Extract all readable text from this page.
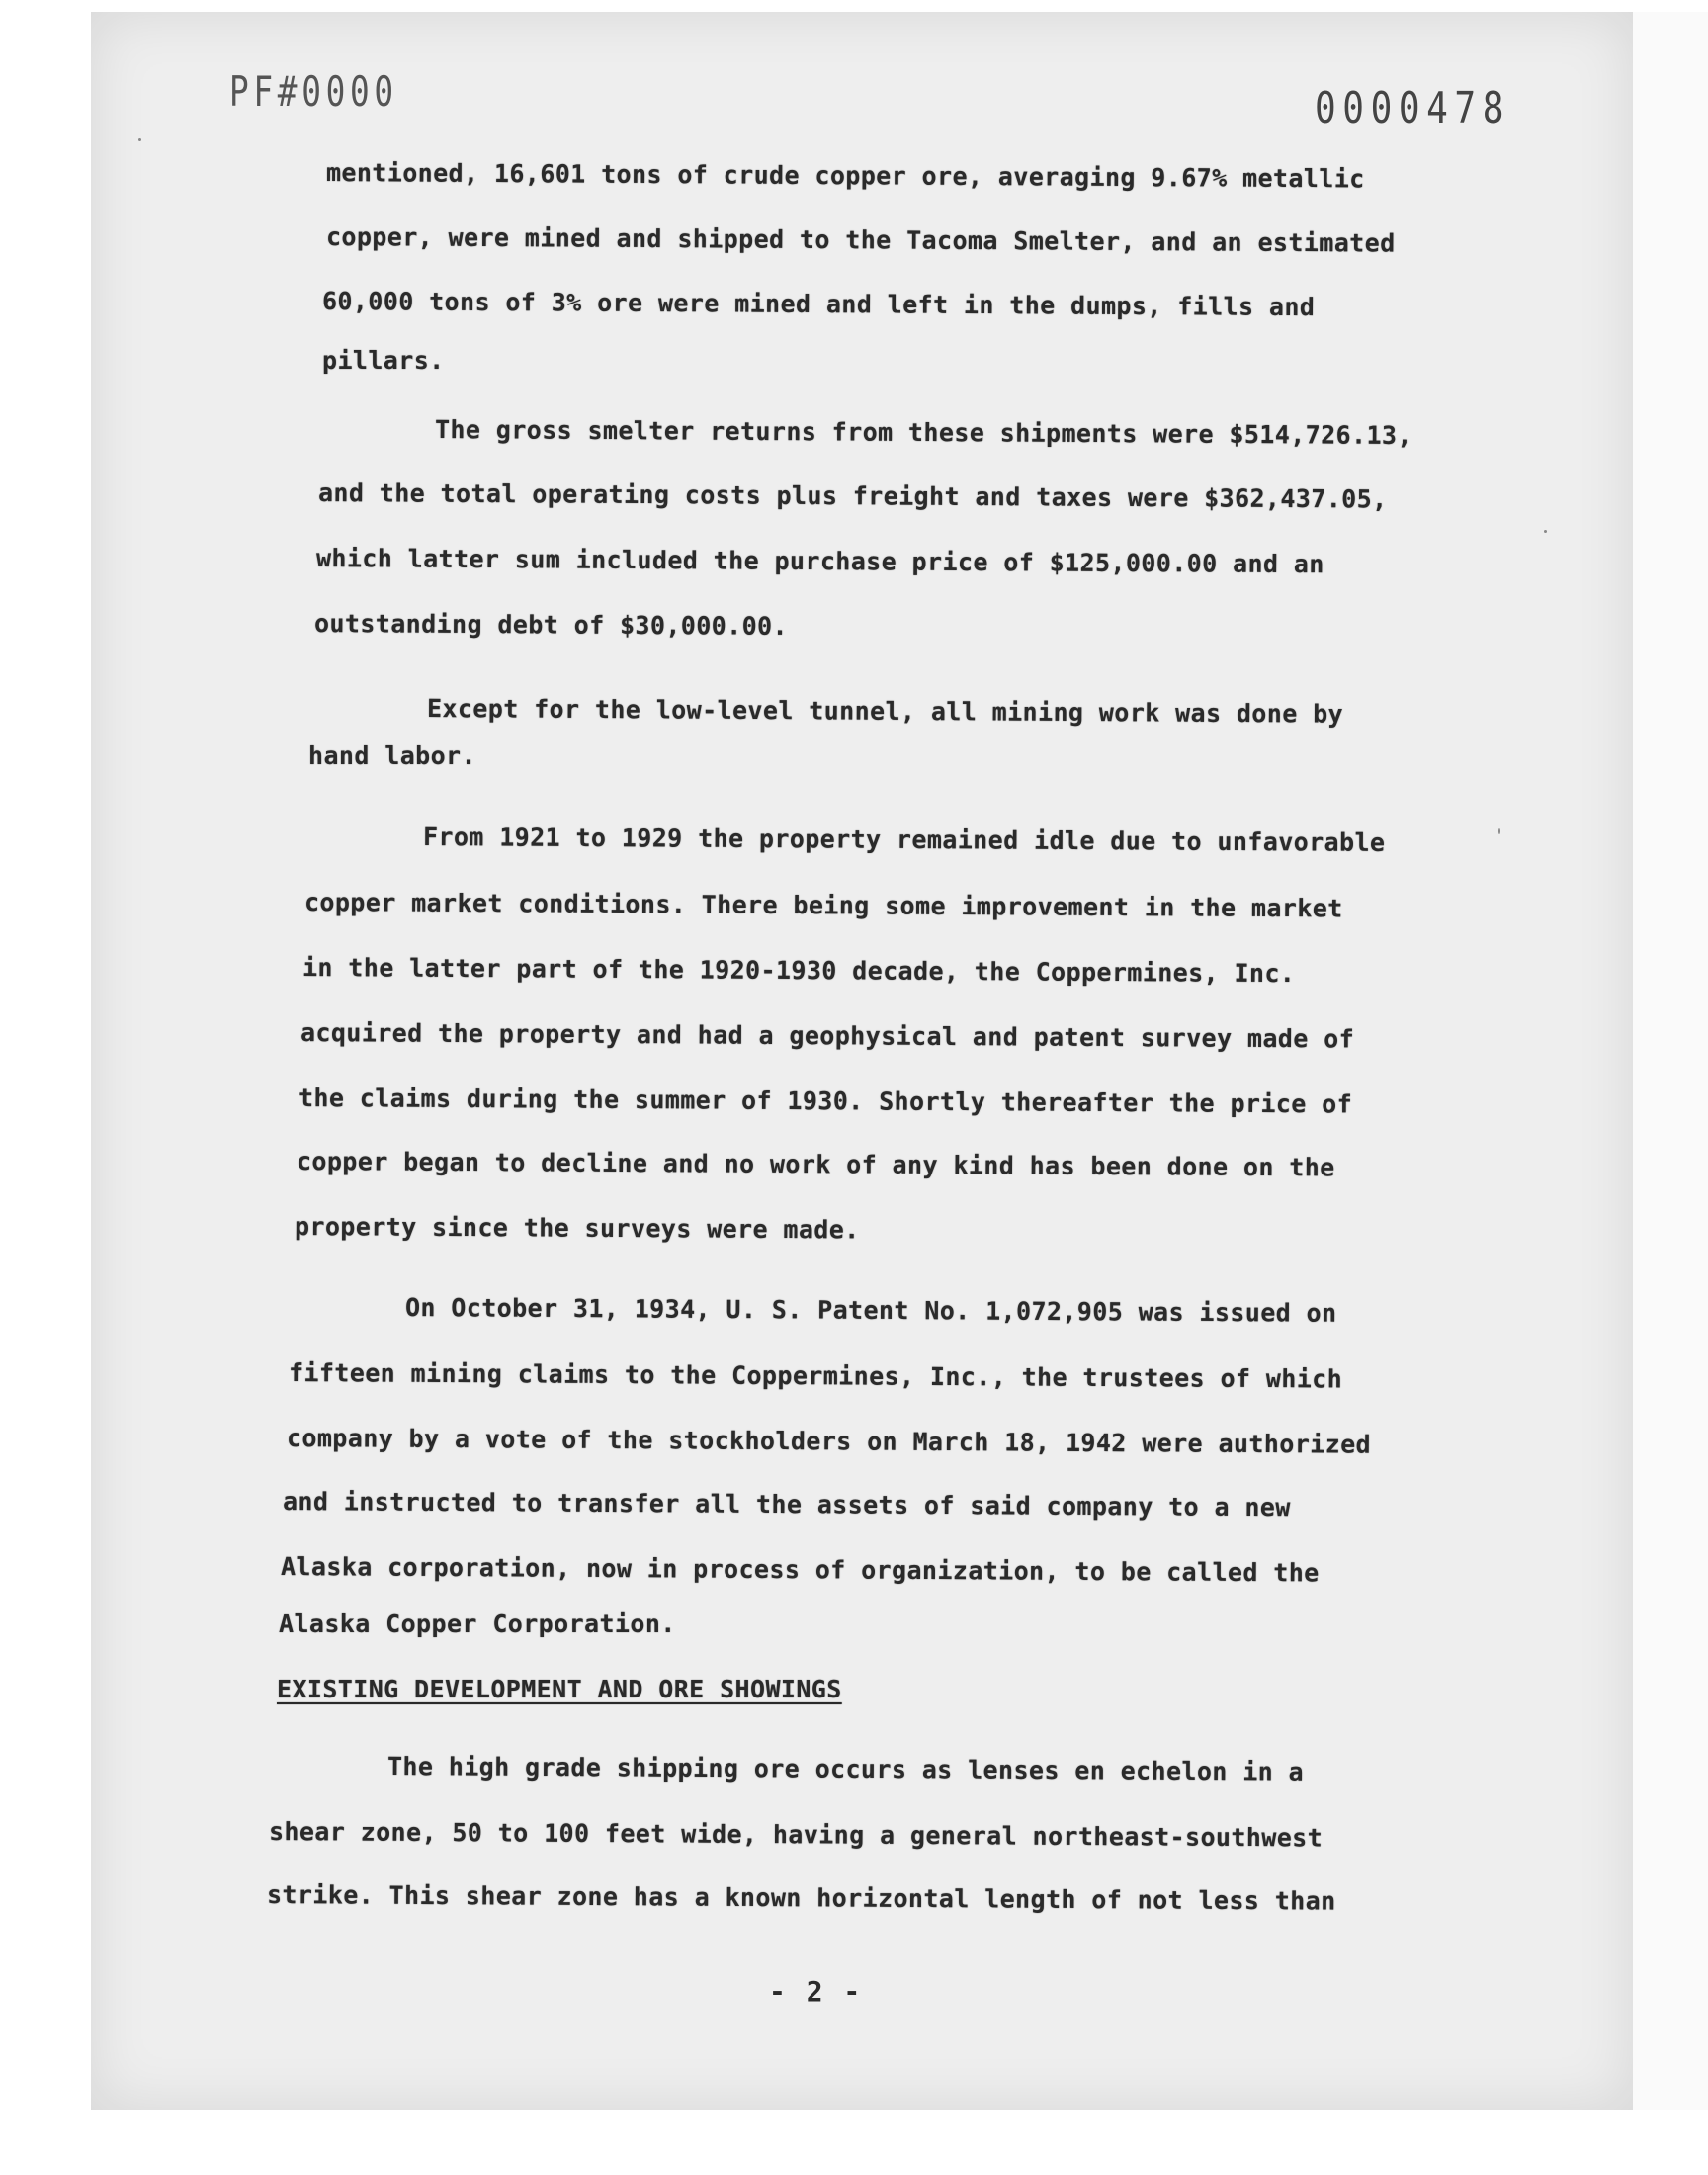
PF#0000	0000478
mentioned, 16,601 tons of crude copper ore, averaging 9.67% metallic
copper, were mined and shipped to the Tacoma Smelter, and an estimated
60,000 tons of 3% ore were mined and left in the dumps, fills and
pillars.
The gross smelter returns from these shipments were $514,726.13,
and the total operating costs plus freight and taxes were $362,437.05,
which latter sum included the purchase price of $125,000.00 and an
outstanding debt of $30,000.00.
Except for the low-level tunnel, all mining work was done by
hand labor.
From 1921 to 1929 the property remained idle due to unfavorable
copper market conditions. There being some improvement in the market
in the latter part of the 1920-1930 decade, the Coppermines, Inc.
acquired the property and had a geophysical and patent survey made of
the claims during the summer of 1930. Shortly thereafter the price of
copper began to decline and no work of any kind has been done on the
property since the surveys were made.
On October 31, 1934, U. S. Patent No. 1,072,905 was issued on
fifteen mining claims to the Coppermines, Inc., the trustees of which
company by a vote of the stockholders on March 18, 1942 were authorized
and instructed to transfer all the assets of said company to a new
Alaska corporation, now in process of organization, to be called the
Alaska Copper Corporation.
EXISTING DEVELOPMENT AND ORE SHOWINGS
The high grade shipping ore occurs as lenses en echelon in a
shear zone, 50 to 100 feet wide, having a general northeast-southwest
strike. This shear zone has a known horizontal length of not less than
- 2 -
